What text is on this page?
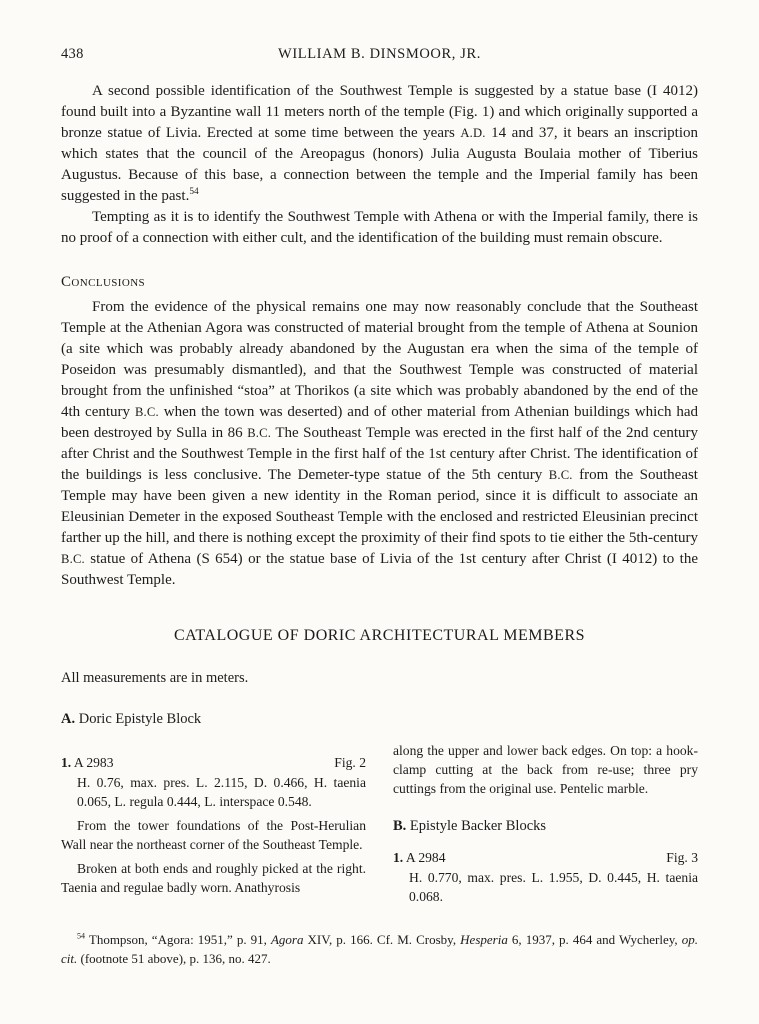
438	WILLIAM B. DINSMOOR, JR.

A second possible identification of the Southwest Temple is suggested by a statue base (I 4012) found built into a Byzantine wall 11 meters north of the temple (Fig. 1) and which originally supported a bronze statue of Livia. Erected at some time between the years A.D. 14 and 37, it bears an inscription which states that the council of the Areopagus (honors) Julia Augusta Boulaia mother of Tiberius Augustus. Because of this base, a connection between the temple and the Imperial family has been suggested in the past.$^{54}$

Tempting as it is to identify the Southwest Temple with Athena or with the Imperial family, there is no proof of a connection with either cult, and the identification of the building must remain obscure.

Conclusions

From the evidence of the physical remains one may now reasonably conclude that the Southeast Temple at the Athenian Agora was constructed of material brought from the temple of Athena at Sounion (a site which was probably already abandoned by the Augustan era when the sima of the temple of Poseidon was presumably dismantled), and that the Southwest Temple was constructed of material brought from the unfinished “stoa” at Thorikos (a site which was probably abandoned by the end of the 4th century B.C. when the town was deserted) and of other material from Athenian buildings which had been destroyed by Sulla in 86 B.C. The Southeast Temple was erected in the first half of the 2nd century after Christ and the Southwest Temple in the first half of the 1st century after Christ. The identification of the buildings is less conclusive. The Demeter-type statue of the 5th century B.C. from the Southeast Temple may have been given a new identity in the Roman period, since it is difficult to associate an Eleusinian Demeter in the exposed Southeast Temple with the enclosed and restricted Eleusinian precinct farther up the hill, and there is nothing except the proximity of their find spots to tie either the 5th-century B.C. statue of Athena (S 654) or the statue base of Livia of the 1st century after Christ (I 4012) to the Southwest Temple.

CATALOGUE OF DORIC ARCHITECTURAL MEMBERS

All measurements are in meters.

A. Doric Epistyle Block
1. A 2983	Fig. 2

H. 0.76, max. pres. L. 2.115, D. 0.466, H. taenia 0.065, L. regula 0.444, L. interspace 0.548.

From the tower foundations of the Post-Herulian Wall near the northeast corner of the Southeast Temple.

Broken at both ends and roughly picked at the right. Taenia and regulae badly worn. Anathyrosis

along the upper and lower back edges. On top: a hook-clamp cutting at the back from re-use; three pry cuttings from the original use. Pentelic marble.

B. Epistyle Backer Blocks
1. A 2984	Fig. 3

H. 0.770, max. pres. L. 1.955, D. 0.445, H. taenia 0.068.

$^{54}$ Thompson, “Agora: 1951,” p. 91, Agora XIV, p. 166. Cf. M. Crosby, Hesperia 6, 1937, p. 464 and Wycherley, op. cit. (footnote 51 above), p. 136, no. 427.
